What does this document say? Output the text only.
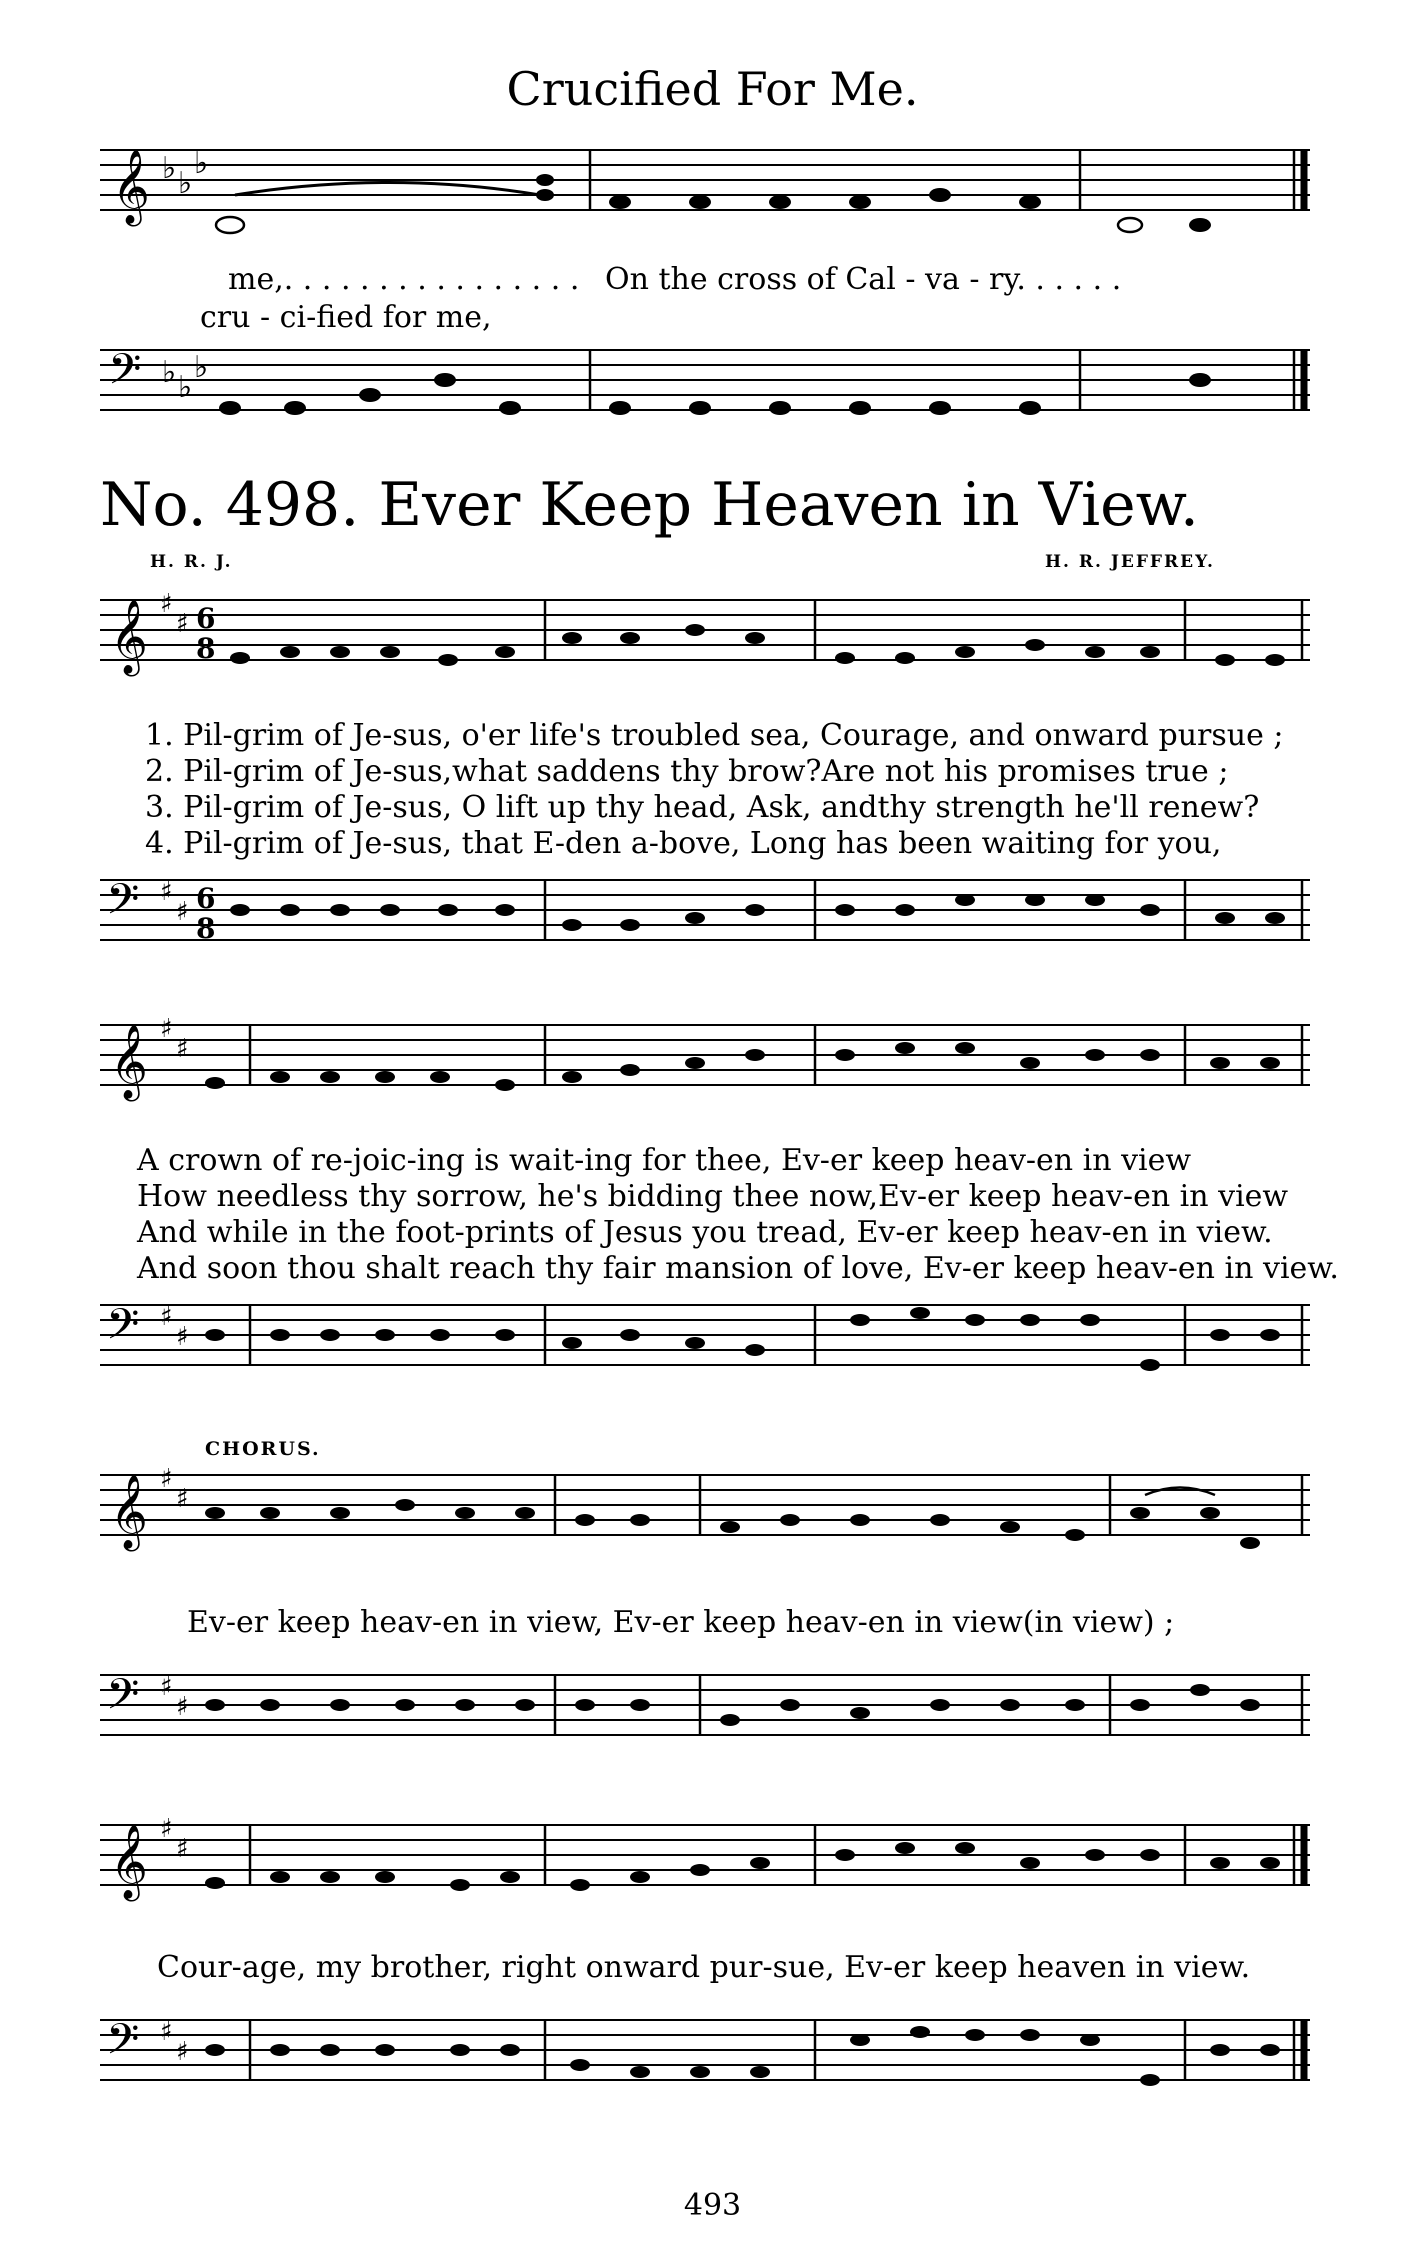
Crucified For Me.
𝄞 ♭ ♭
♭
me,. . . . . . . . . . . . . . . . On the cross of Cal - va - ry. . . . . .
cru - ci-fied for me,
𝄢 ♭ ♭
♭
No. 498. Ever Keep Heaven in View.
H. R. J.	H. R. JEFFREY.
𝄞 ♯
♯ 6
8
1. Pil-grim of Je-sus, o'er life's troubled sea, Courage, and onward pursue ;
2. Pil-grim of Je-sus,what saddens thy brow?Are not his promises true ;
3. Pil-grim of Je-sus, O lift up thy head, Ask, andthy strength he'll renew?
4. Pil-grim of Je-sus, that E-den a-bove, Long has been waiting for you,
𝄢 ♯
♯ 6
8
𝄞 ♯
♯
A crown of re-joic-ing is wait-ing for thee, Ev-er keep heav-en in view
How needless thy sorrow, he's bidding thee now,Ev-er keep heav-en in view
And while in the foot-prints of Jesus you tread, Ev-er keep heav-en in view.
And soon thou shalt reach thy fair mansion of love, Ev-er keep heav-en in view.
𝄢 ♯
♯
CHORUS.
𝄞 ♯
♯
Ev-er keep heav-en in view, Ev-er keep heav-en in view(in view) ;
𝄢 ♯
♯
𝄞 ♯
♯
Cour-age, my brother, right onward pur-sue, Ev-er keep heaven in view.
𝄢 ♯
♯
493
